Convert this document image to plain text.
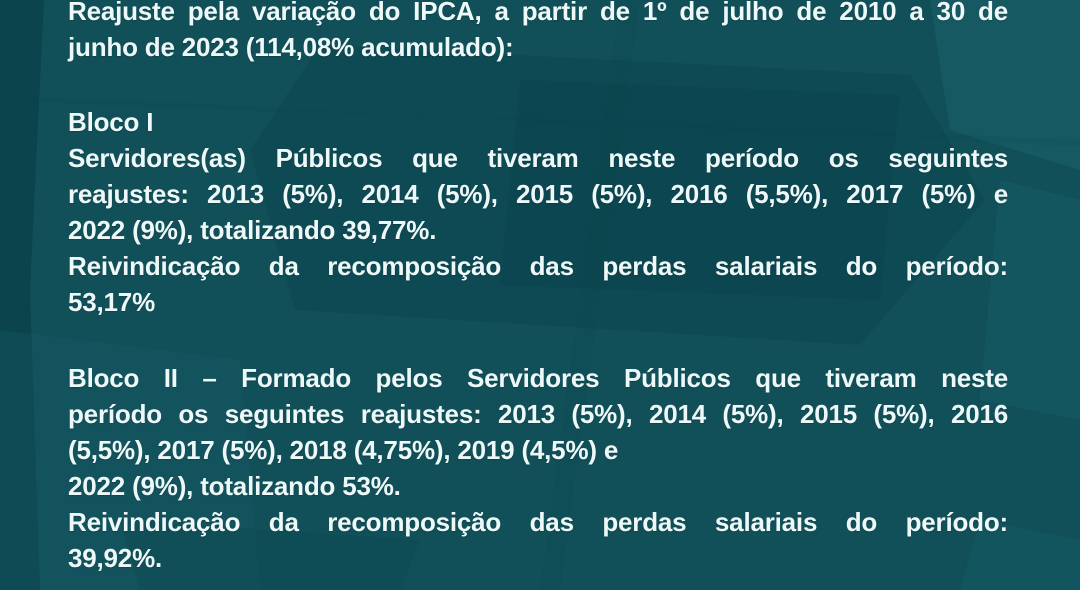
Reajuste pela variação do IPCA, a partir de 1º de julho de 2010 a 30 de
junho de 2023 (114,08% acumulado):
Bloco I
Servidores(as) Públicos que tiveram neste período os seguintes
reajustes: 2013 (5%), 2014 (5%), 2015 (5%), 2016 (5,5%), 2017 (5%) e
2022 (9%), totalizando 39,77%.
Reivindicação da recomposição das perdas salariais do período:
53,17%
Bloco II – Formado pelos Servidores Públicos que tiveram neste
período os seguintes reajustes: 2013 (5%), 2014 (5%), 2015 (5%), 2016
(5,5%), 2017 (5%), 2018 (4,75%), 2019 (4,5%) e
2022 (9%), totalizando 53%.
Reivindicação da recomposição das perdas salariais do período:
39,92%.
